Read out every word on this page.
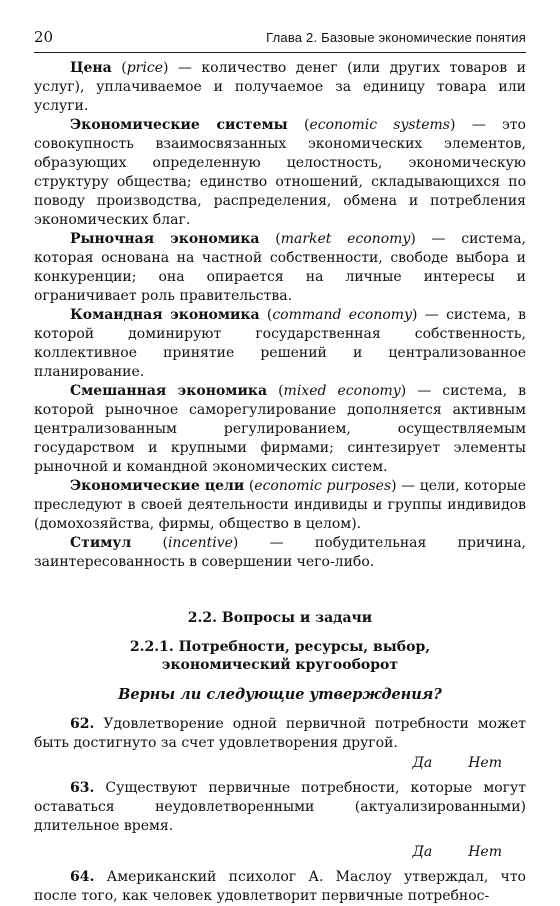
20	Глава 2. Базовые экономические понятия

Цена (price) — количество денег (или других товаров и услуг), уплачиваемое и получаемое за единицу товара или услуги.

Экономические системы (economic systems) — это совокупность взаимосвязанных экономических элементов, образующих определенную целостность, экономическую структуру общества; единство отношений, складывающихся по поводу производства, распределения, обмена и потребления экономических благ.

Рыночная экономика (market economy) — система, которая основана на частной собственности, свободе выбора и конкуренции; она опирается на личные интересы и ограничивает роль правительства.

Командная экономика (command economy) — система, в которой доминируют государственная собственность, коллективное принятие решений и централизованное планирование.

Смешанная экономика (mixed economy) — система, в которой рыночное саморегулирование дополняется активным централизованным регулированием, осуществляемым государством и крупными фирмами; синтезирует элементы рыночной и командной экономических систем.

Экономические цели (economic purposes) — цели, которые преследуют в своей деятельности индивиды и группы индивидов (домохозяйства, фирмы, общество в целом).

Стимул (incentive) — побудительная причина, заинтересованность в совершении чего-либо.

2.2. Вопросы и задачи
2.2.1. Потребности, ресурсы, выбор,
экономический кругооборот
Верны ли следующие утверждения?

62. Удовлетворение одной первичной потребности может быть достигнуто за счет удовлетворения другой.

Да	Нет

63. Существуют первичные потребности, которые могут оставаться неудовлетворенными (актуализированными) длительное время.

Да	Нет

64. Американский психолог А. Маслоу утверждал, что после того, как человек удовлетворит первичные потребнос-
